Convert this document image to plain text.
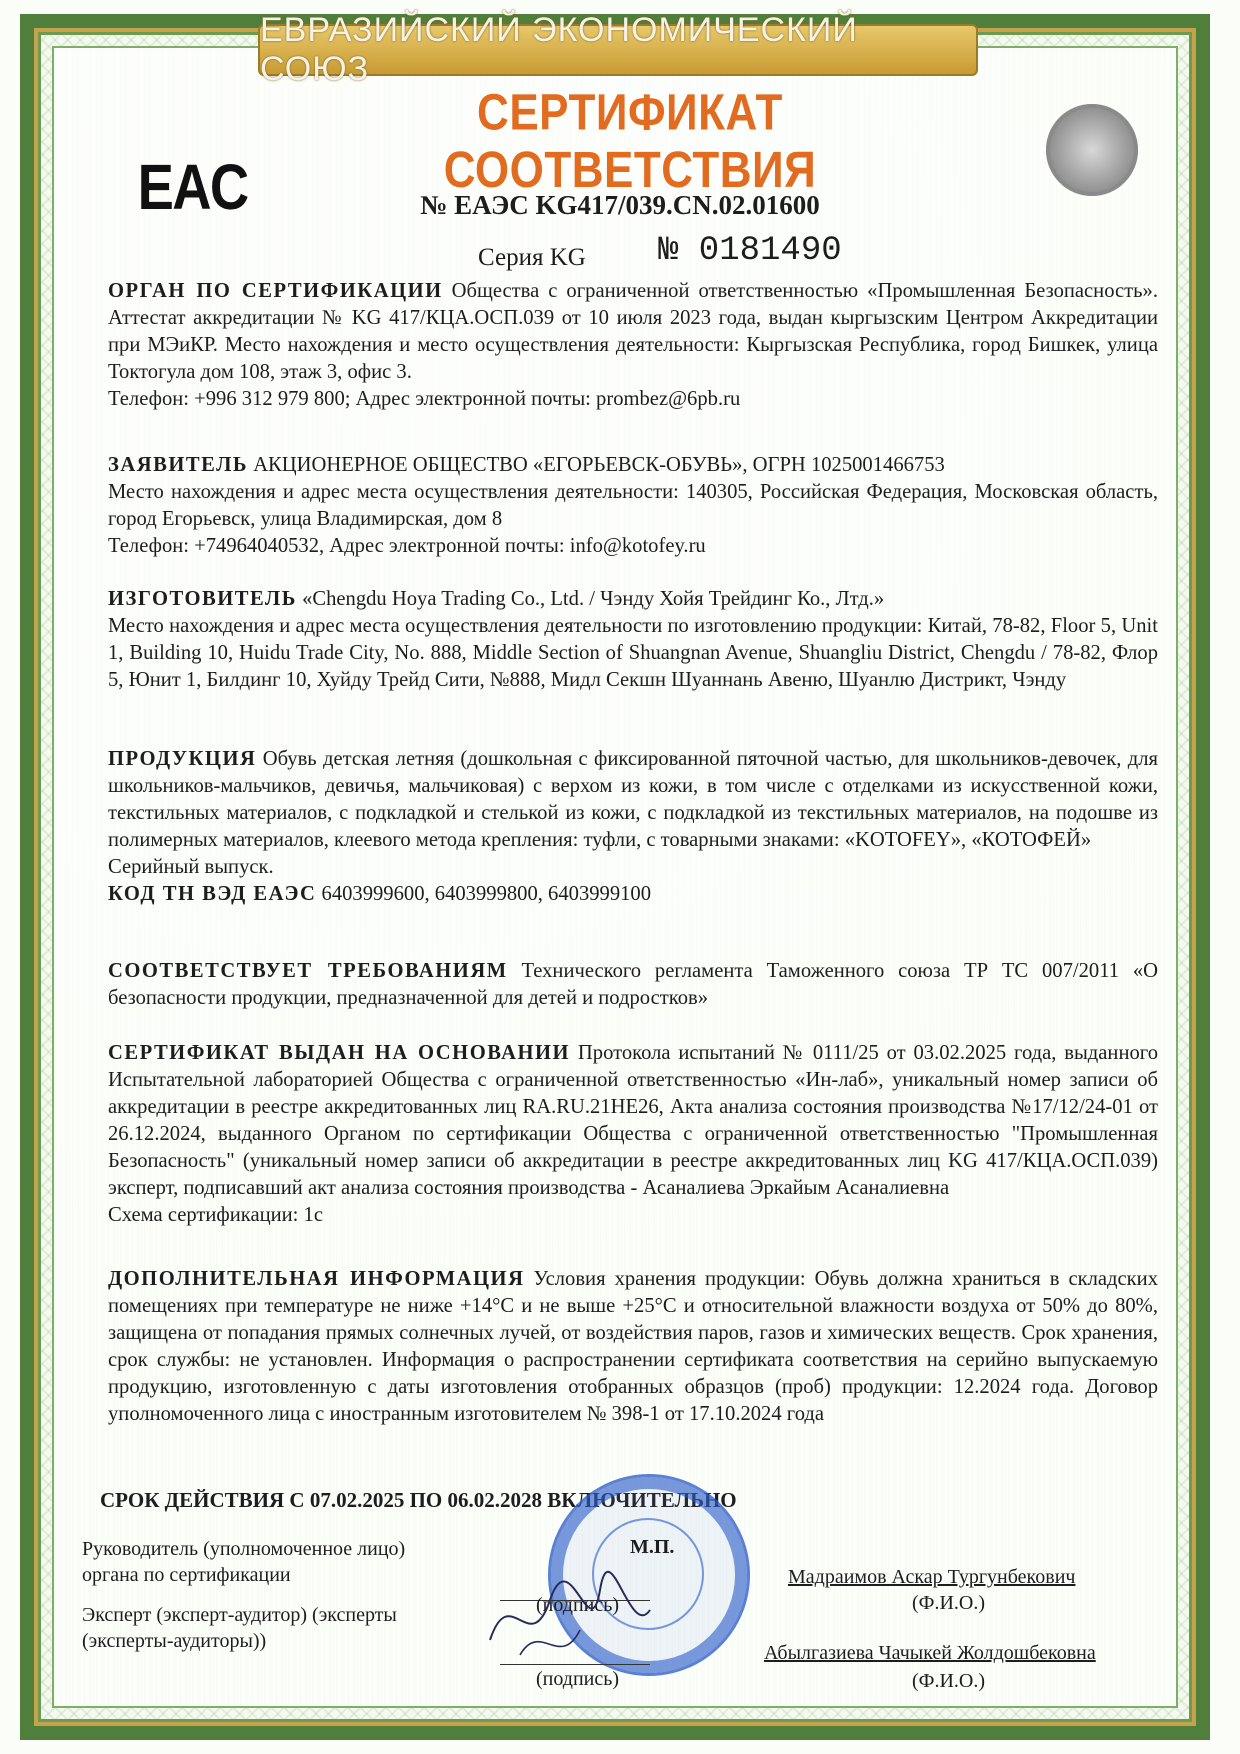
ЕВРАЗИЙСКИЙ ЭКОНОМИЧЕСКИЙ СОЮЗ
СЕРТИФИКАТ СООТВЕТСТВИЯ
EAC	№ ЕАЭС KG417/039.CN.02.01600
Серия KG № 0181490
ОРГАН ПО СЕРТИФИКАЦИИ Общества с ограниченной ответственностью «Промышленная Безопасность». Аттестат аккредитации № KG 417/КЦА.ОСП.039 от 10 июля 2023 года, выдан кыргызским Центром Аккредитации при МЭиКР. Место нахождения и место осуществления деятельности: Кыргызская Республика, город Бишкек, улица Токтогула дом 108, этаж 3, офис 3.
Телефон: +996 312 979 800; Адрес электронной почты: prombez@6pb.ru
ЗАЯВИТЕЛЬ АКЦИОНЕРНОЕ ОБЩЕСТВО «ЕГОРЬЕВСК-ОБУВЬ», ОГРН 1025001466753
Место нахождения и адрес места осуществления деятельности: 140305, Российская Федерация, Московская область, город Егорьевск, улица Владимирская, дом 8
Телефон: +74964040532, Адрес электронной почты: info@kotofey.ru
ИЗГОТОВИТЕЛЬ «Chengdu Hoya Trading Co., Ltd. / Чэнду Хойя Трейдинг Ко., Лтд.»
Место нахождения и адрес места осуществления деятельности по изготовлению продукции: Китай, 78-82, Floor 5, Unit 1, Building 10, Huidu Trade City, No. 888, Middle Section of Shuangnan Avenue, Shuangliu District, Chengdu / 78-82, Флор 5, Юнит 1, Билдинг 10, Хуйду Трейд Сити, №888, Мидл Секшн Шуаннань Авеню, Шуанлю Дистрикт, Чэнду
ПРОДУКЦИЯ Обувь детская летняя (дошкольная с фиксированной пяточной частью, для школьников-девочек, для школьников-мальчиков, девичья, мальчиковая) с верхом из кожи, в том числе с отделками из искусственной кожи, текстильных материалов, с подкладкой и стелькой из кожи, с подкладкой из текстильных материалов, на подошве из полимерных материалов, клеевого метода крепления: туфли, с товарными знаками: «KOTOFEY», «КОТОФЕЙ»
Серийный выпуск.
КОД ТН ВЭД ЕАЭС 6403999600, 6403999800, 6403999100
СООТВЕТСТВУЕТ ТРЕБОВАНИЯМ Технического регламента Таможенного союза ТР ТС 007/2011 «О безопасности продукции, предназначенной для детей и подростков»
СЕРТИФИКАТ ВЫДАН НА ОСНОВАНИИ Протокола испытаний № 0111/25 от 03.02.2025 года, выданного Испытательной лабораторией Общества с ограниченной ответственностью «Ин-лаб», уникальный номер записи об аккредитации в реестре аккредитованных лиц RA.RU.21НЕ26, Акта анализа состояния производства №17/12/24-01 от 26.12.2024, выданного Органом по сертификации Общества с ограниченной ответственностью "Промышленная Безопасность" (уникальный номер записи об аккредитации в реестре аккредитованных лиц KG 417/КЦА.ОСП.039) эксперт, подписавший акт анализа состояния производства - Асаналиева Эркайым Асаналиевна
Схема сертификации: 1с
ДОПОЛНИТЕЛЬНАЯ ИНФОРМАЦИЯ Условия хранения продукции: Обувь должна храниться в складских помещениях при температуре не ниже +14°С и не выше +25°С и относительной влажности воздуха от 50% до 80%, защищена от попадания прямых солнечных лучей, от воздействия паров, газов и химических веществ. Срок хранения, срок службы: не установлен. Информация о распространении сертификата соответствия на серийно выпускаемую продукцию, изготовленную с даты изготовления отобранных образцов (проб) продукции: 12.2024 года. Договор уполномоченного лица с иностранным изготовителем № 398-1 от 17.10.2024 года
СРОК ДЕЙСТВИЯ С 07.02.2025 ПО 06.02.2028 ВКЛЮЧИТЕЛЬНО
Руководитель (уполномоченное лицо) органа по сертификации
М.П.
(подпись)
Мадраимов Аскар Тургунбекович
(Ф.И.О.)
Эксперт (эксперт-аудитор) (эксперты (эксперты-аудиторы))
(подпись)
Абылгазиева Чачыкей Жолдошбековна
(Ф.И.О.)
